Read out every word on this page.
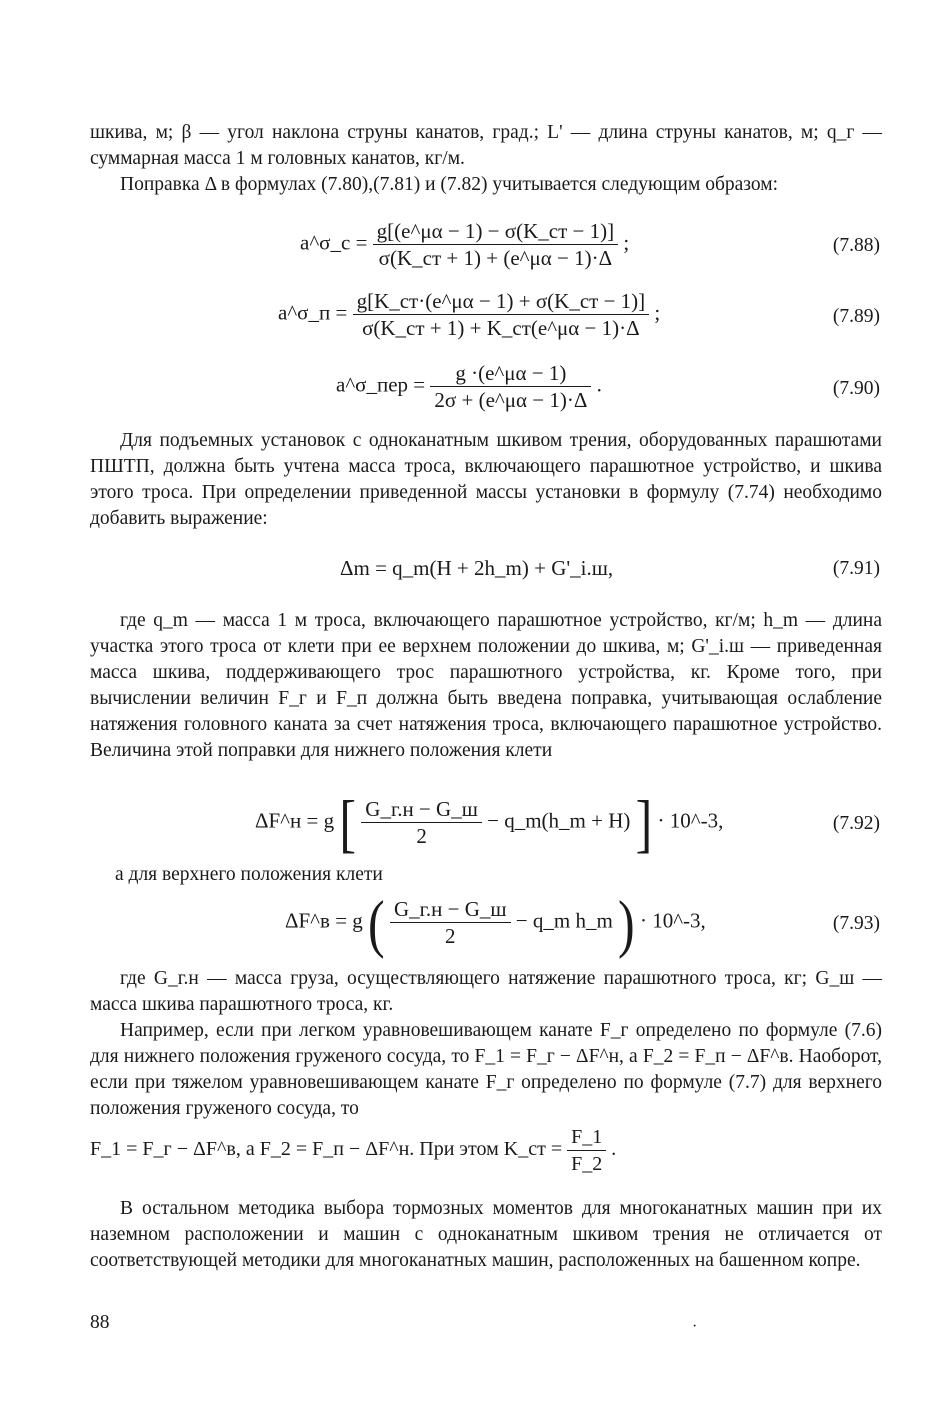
шкива, м; β — угол наклона струны канатов, град.; L' — длина струны канатов, м; q_г — суммарная масса 1 м головных канатов, кг/м.
Поправка Δ в формулах (7.80),(7.81) и (7.82) учитывается следующим образом:
a^σ_c = $\frac{g[(e\^{}\mu\alpha - 1) - \sigma(K\_ст - 1)]}{\sigma(K\_ст + 1) + (e\^{}\mu\alpha - 1)\cdot\Delta}$ ;	(7.88)
a^σ_п = $\frac{g[K\_ст\cdot(e\^{}\mu\alpha - 1) + \sigma(K\_ст - 1)]}{\sigma(K\_ст + 1) + K\_ст(e\^{}\mu\alpha - 1)\cdot\Delta}$ ;	(7.89)
a^σ_пер = $\frac{g \cdot(e\^{}\mu\alpha - 1)}{2\sigma + (e\^{}\mu\alpha - 1)\cdot\Delta}$ .	(7.90)
Для подъемных установок с одноканатным шкивом трения, оборудованных парашютами ПШТП, должна быть учтена масса троса, включающего парашютное устройство, и шкива этого троса. При определении приведенной массы установки в формулу (7.74) необходимо добавить выражение:
Δm = q_m(H + 2h_m) + G'_i.ш,	(7.91)
где q_m — масса 1 м троса, включающего парашютное устройство, кг/м; h_m — длина участка этого троса от клети при ее верхнем положении до шкива, м; G'_i.ш — приведенная масса шкива, поддерживающего трос парашютного устройства, кг. Кроме того, при вычислении величин F_г и F_п должна быть введена поправка, учитывающая ослабление натяжения головного каната за счет натяжения троса, включающего парашютное устройство. Величина этой поправки для нижнего положения клети
ΔF^н = g [ $\frac{G\_г.н - G\_ш}{2}$ − q_m(h_m + H) ] · 10^-3,	(7.92)
а для верхнего положения клети
ΔF^в = g ( $\frac{G\_г.н - G\_ш}{2}$ − q_m h_m ) · 10^-3,	(7.93)
где G_г.н — масса груза, осуществляющего натяжение парашютного троса, кг; G_ш — масса шкива парашютного троса, кг.
Например, если при легком уравновешивающем канате F_г определено по формуле (7.6) для нижнего положения груженого сосуда, то F_1 = F_г − ΔF^н, а F_2 = F_п − ΔF^в. Наоборот, если при тяжелом уравновешивающем канате F_г определено по формуле (7.7) для верхнего положения груженого сосуда, то
F_1 = F_г − ΔF^в, а F_2 = F_п − ΔF^н. При этом K_ст = $\frac{F\_1}{F\_2}$ .
В остальном методика выбора тормозных моментов для многоканатных машин при их наземном расположении и машин с одноканатным шкивом трения не отличается от соответствующей методики для многоканатных машин, расположенных на башенном копре.
88	·
